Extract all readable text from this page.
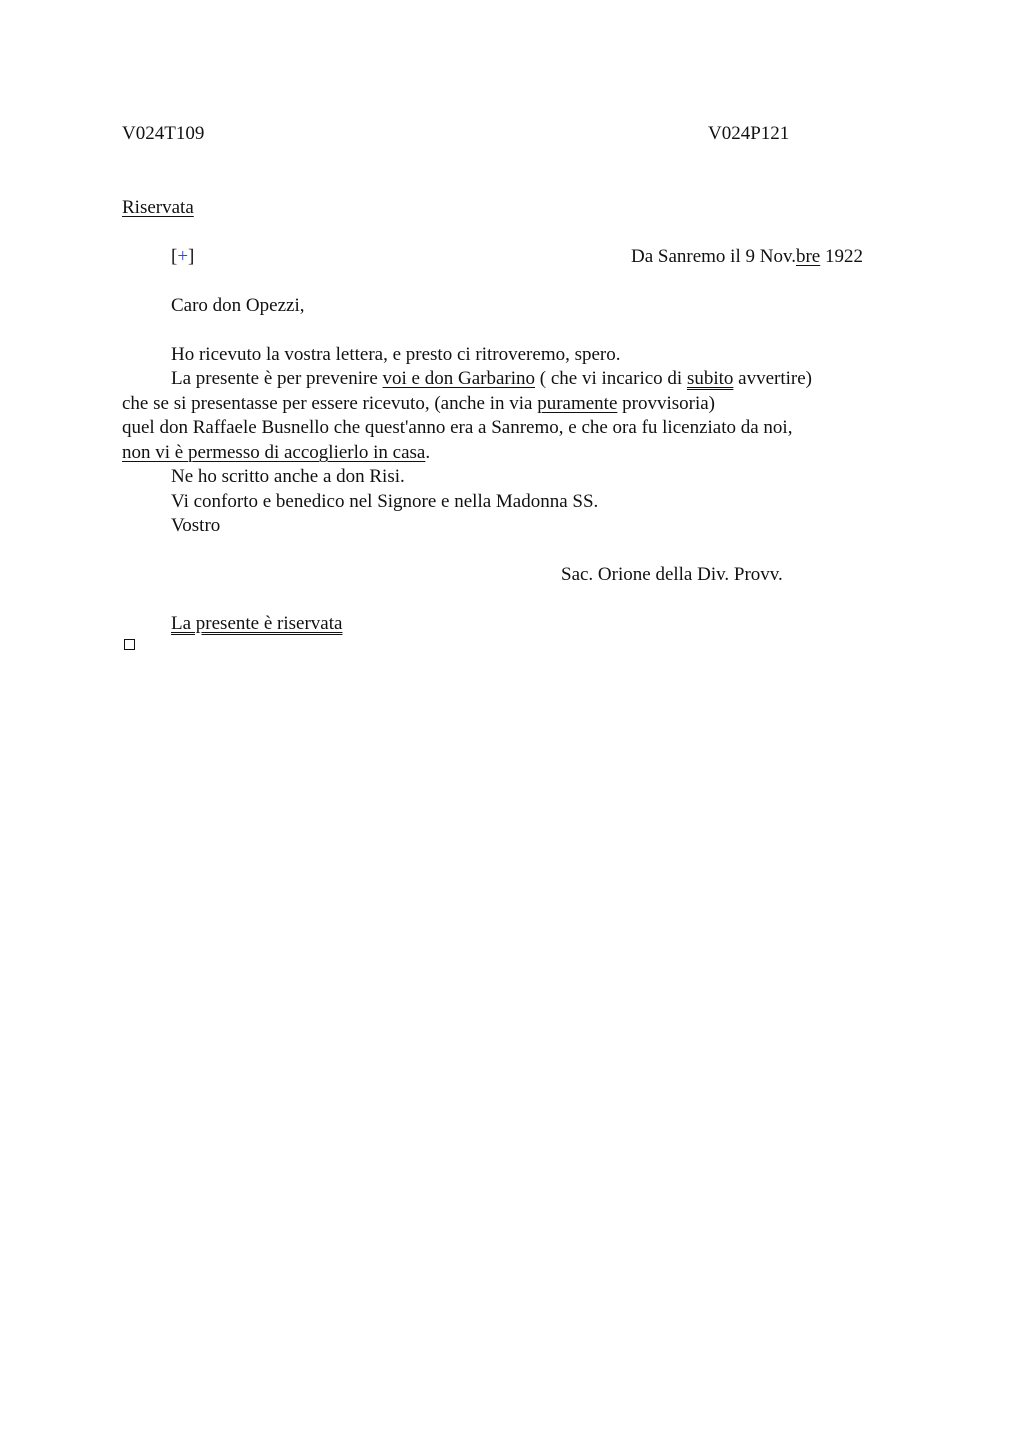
V024T109	V024P121
Riservata
[+]	Da Sanremo il 9 Nov.bre 1922
Caro don Opezzi,
Ho ricevuto la vostra lettera, e presto ci ritroveremo, spero.
La presente è per prevenire voi e don Garbarino ( che vi incarico di subito avvertire)
che se si presentasse per essere ricevuto, (anche in via puramente provvisoria)
quel don Raffaele Busnello che quest'anno era a Sanremo, e che ora fu licenziato da noi,
non vi è permesso di accoglierlo in casa.
Ne ho scritto anche a don Risi.
Vi conforto e benedico nel Signore e nella Madonna SS.
Vostro
Sac. Orione della Div. Provv.
La presente è riservata
